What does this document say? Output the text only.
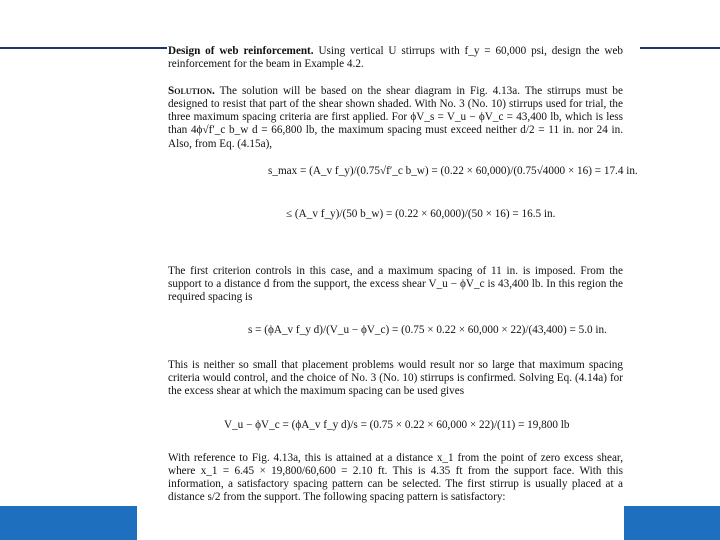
Design of web reinforcement. Using vertical U stirrups with f_y = 60,000 psi, design the web reinforcement for the beam in Example 4.2.

Solution. The solution will be based on the shear diagram in Fig. 4.13a. The stirrups must be designed to resist that part of the shear shown shaded. With No. 3 (No. 10) stirrups used for trial, the three maximum spacing criteria are first applied. For ϕV_s = V_u − ϕV_c = 43,400 lb, which is less than 4ϕ√f′_c b_w d = 66,800 lb, the maximum spacing must exceed neither d/2 = 11 in. nor 24 in. Also, from Eq. (4.15a),

s_max = (A_v f_y)/(0.75√f′_c b_w) = (0.22 × 60,000)/(0.75√4000 × 16) = 17.4 in.
≤ (A_v f_y)/(50 b_w) = (0.22 × 60,000)/(50 × 16) = 16.5 in.

The first criterion controls in this case, and a maximum spacing of 11 in. is imposed. From the support to a distance d from the support, the excess shear V_u − ϕV_c is 43,400 lb. In this region the required spacing is

s = (ϕA_v f_y d)/(V_u − ϕV_c) = (0.75 × 0.22 × 60,000 × 22)/(43,400) = 5.0 in.

This is neither so small that placement problems would result nor so large that maximum spacing criteria would control, and the choice of No. 3 (No. 10) stirrups is confirmed. Solving Eq. (4.14a) for the excess shear at which the maximum spacing can be used gives

V_u − ϕV_c = (ϕA_v f_y d)/s = (0.75 × 0.22 × 60,000 × 22)/(11) = 19,800 lb

With reference to Fig. 4.13a, this is attained at a distance x_1 from the point of zero excess shear, where x_1 = 6.45 × 19,800/60,600 = 2.10 ft. This is 4.35 ft from the support face. With this information, a satisfactory spacing pattern can be selected. The first stirrup is usually placed at a distance s/2 from the support. The following spacing pattern is satisfactory:
